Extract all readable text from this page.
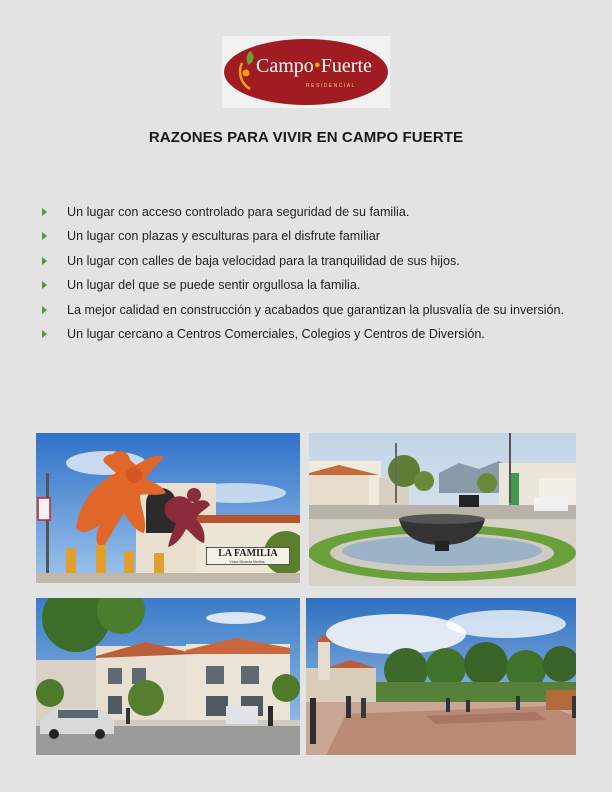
Campo•Fuerte
RESIDENCIAL
RAZONES PARA VIVIR EN CAMPO FUERTE
Un lugar con acceso controlado para seguridad de su familia.
Un lugar con plazas y esculturas para el disfrute familiar
Un lugar con calles de baja velocidad para la tranquilidad de sus hijos.
Un lugar del que se puede sentir orgullosa la familia.
La mejor calidad en construcción y acabados que garantizan la plusvalía de su inversión.
Un lugar cercano a Centros Comerciales, Colegios y Centros de Diversión.
LA FAMILIA
Víctor Miranda Medina
